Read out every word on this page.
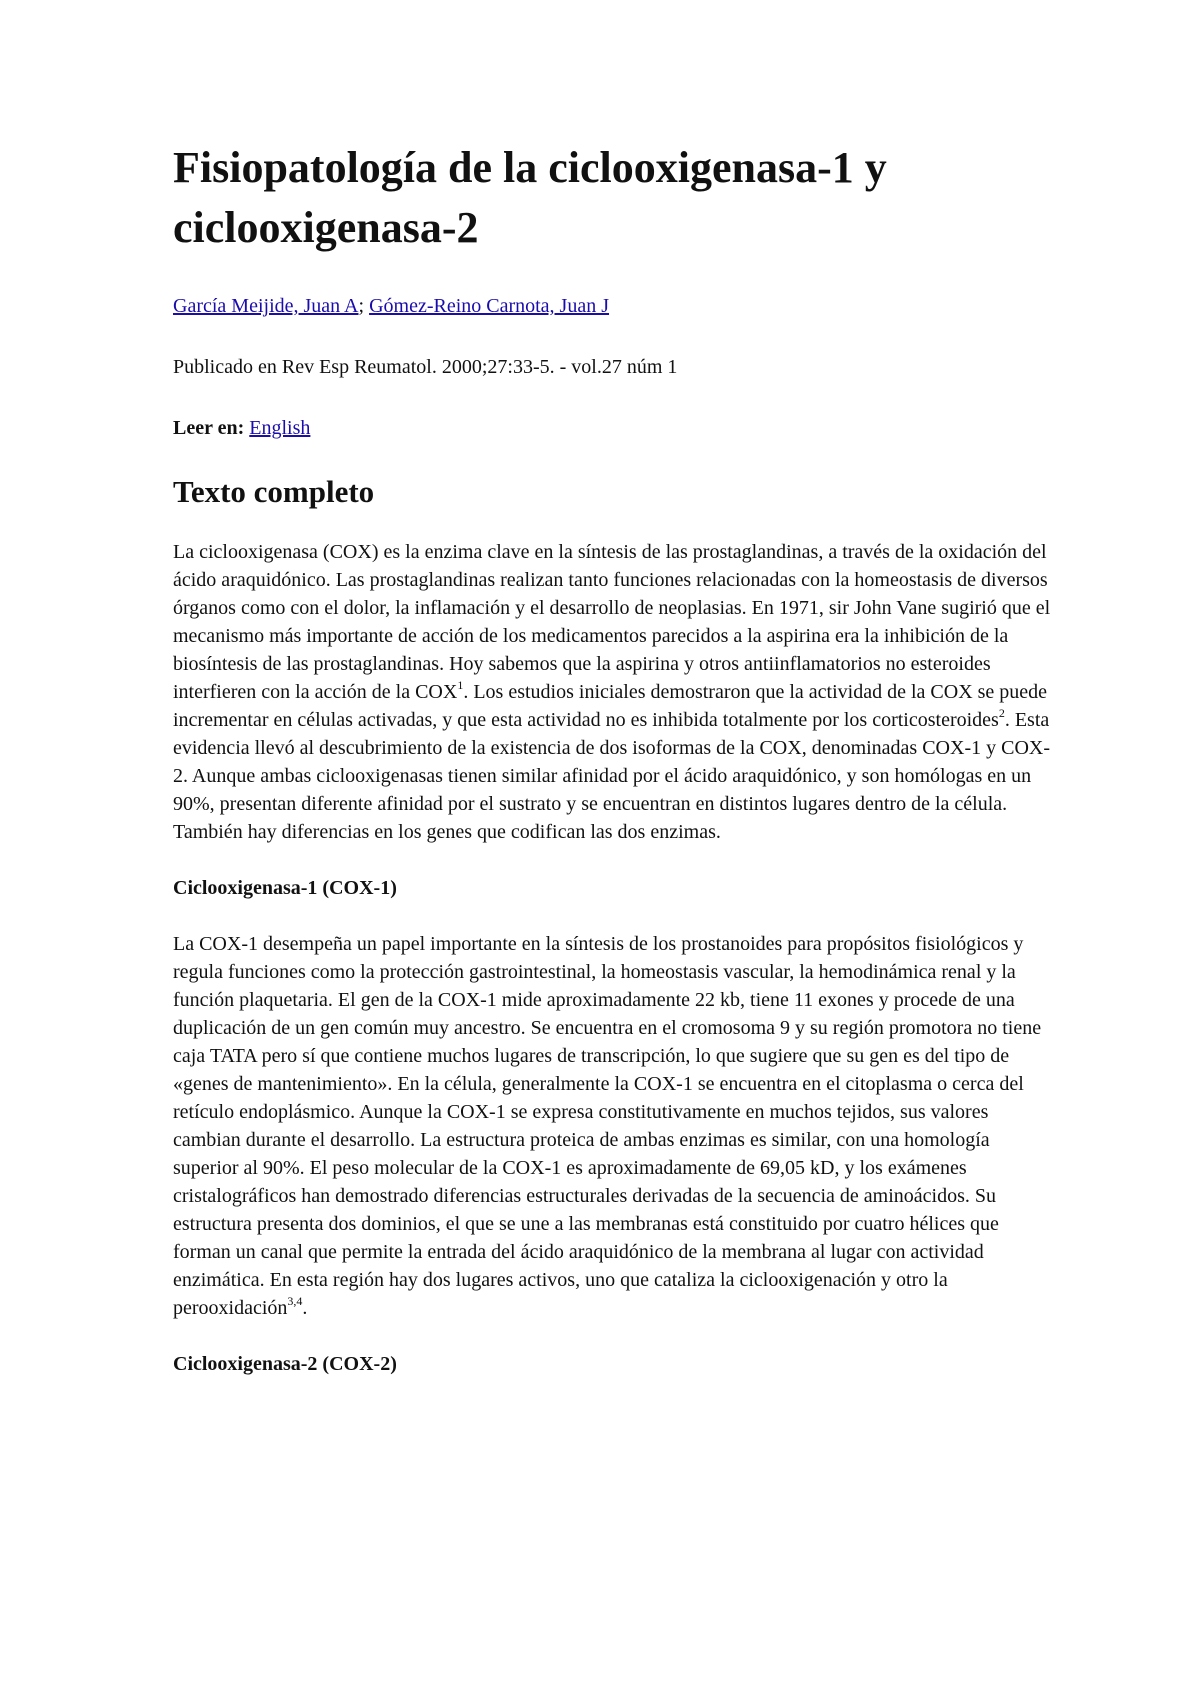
Fisiopatología de la ciclooxigenasa-1 y ciclooxigenasa-2

García Meijide, Juan A; Gómez-Reino Carnota, Juan J

Publicado en Rev Esp Reumatol. 2000;27:33-5. - vol.27 núm 1

Leer en: English

Texto completo

La ciclooxigenasa (COX) es la enzima clave en la síntesis de las prostaglandinas, a través de la oxidación del ácido araquidónico. Las prostaglandinas realizan tanto funciones relacionadas con la homeostasis de diversos órganos como con el dolor, la inflamación y el desarrollo de neoplasias. En 1971, sir John Vane sugirió que el mecanismo más importante de acción de los medicamentos parecidos a la aspirina era la inhibición de la biosíntesis de las prostaglandinas. Hoy sabemos que la aspirina y otros antiinflamatorios no esteroides interfieren con la acción de la COX$^1$. Los estudios iniciales demostraron que la actividad de la COX se puede incrementar en células activadas, y que esta actividad no es inhibida totalmente por los corticosteroides$^2$. Esta evidencia llevó al descubrimiento de la existencia de dos isoformas de la COX, denominadas COX-1 y COX-2. Aunque ambas ciclooxigenasas tienen similar afinidad por el ácido araquidónico, y son homólogas en un 90%, presentan diferente afinidad por el sustrato y se encuentran en distintos lugares dentro de la célula. También hay diferencias en los genes que codifican las dos enzimas.

Ciclooxigenasa-1 (COX-1)

La COX-1 desempeña un papel importante en la síntesis de los prostanoides para propósitos fisiológicos y regula funciones como la protección gastrointestinal, la homeostasis vascular, la hemodinámica renal y la función plaquetaria. El gen de la COX-1 mide aproximadamente 22 kb, tiene 11 exones y procede de una duplicación de un gen común muy ancestro. Se encuentra en el cromosoma 9 y su región promotora no tiene caja TATA pero sí que contiene muchos lugares de transcripción, lo que sugiere que su gen es del tipo de «genes de mantenimiento». En la célula, generalmente la COX-1 se encuentra en el citoplasma o cerca del retículo endoplásmico. Aunque la COX-1 se expresa constitutivamente en muchos tejidos, sus valores cambian durante el desarrollo. La estructura proteica de ambas enzimas es similar, con una homología superior al 90%. El peso molecular de la COX-1 es aproximadamente de 69,05 kD, y los exámenes cristalográficos han demostrado diferencias estructurales derivadas de la secuencia de aminoácidos. Su estructura presenta dos dominios, el que se une a las membranas está constituido por cuatro hélices que forman un canal que permite la entrada del ácido araquidónico de la membrana al lugar con actividad enzimática. En esta región hay dos lugares activos, uno que cataliza la ciclooxigenación y otro la perooxidación$^{3,4}$.

Ciclooxigenasa-2 (COX-2)
